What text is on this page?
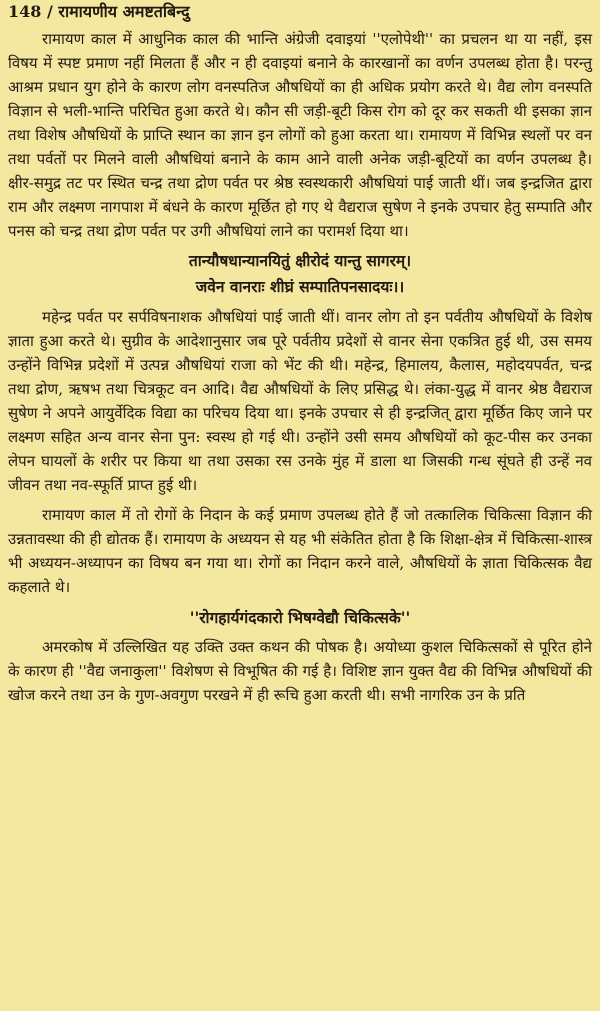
148 / रामायणीय अमष्टतबिन्दु

रामायण काल में आधुनिक काल की भान्ति अंग्रेजी दवाइयां ''एलोपेथी'' का प्रचलन था या नहीं, इस विषय में स्पष्ट प्रमाण नहीं मिलता हैं और न ही दवाइयां बनाने के कारखानों का वर्णन उपलब्ध होता है। परन्तु आश्रम प्रधान युग होने के कारण लोग वनस्पतिज औषधियों का ही अधिक प्रयोग करते थे। वैद्य लोग वनस्पति विज्ञान से भली-भान्ति परिचित हुआ करते थे। कौन सी जड़ी-बूटी किस रोग को दूर कर सकती थी इसका ज्ञान तथा विशेष औषधियों के प्राप्ति स्थान का ज्ञान इन लोगों को हुआ करता था। रामायण में विभिन्न स्थलों पर वन तथा पर्वतों पर मिलने वाली औषधियां बनाने के काम आने वाली अनेक जड़ी-बूटियों का वर्णन उपलब्ध है। क्षीर-समुद्र तट पर स्थित चन्द्र तथा द्रोण पर्वत पर श्रेष्ठ स्वस्थकारी औषधियां पाई जाती थीं। जब इन्द्रजित द्वारा राम और लक्ष्मण नागपाश में बंधने के कारण मूर्छित हो गए थे वैद्यराज सुषेण ने इनके उपचार हेतु सम्पाति और पनस को चन्द्र तथा द्रोण पर्वत पर उगी औषधियां लाने का परामर्श दिया था।

तान्यौषधान्यानयितुं क्षीरोदं यान्तु सागरम्।
जवेन वानराः शीघ्रं सम्पातिपनसादयः।।

महेन्द्र पर्वत पर सर्पविषनाशक औषधियां पाई जाती थीं। वानर लोग तो इन पर्वतीय औषधियों के विशेष ज्ञाता हुआ करते थे। सुग्रीव के आदेशानुसार जब पूरे पर्वतीय प्रदेशों से वानर सेना एकत्रित हुई थी, उस समय उन्होंने विभिन्न प्रदेशों में उत्पन्न औषधियां राजा को भेंट की थी। महेन्द्र, हिमालय, कैलास, महोदयपर्वत, चन्द्र तथा द्रोण, ऋषभ तथा चित्रकूट वन आदि। वैद्य औषधियों के लिए प्रसिद्ध थे। लंका-युद्ध में वानर श्रेष्ठ वैद्यराज सुषेण ने अपने आयुर्वेदिक विद्या का परिचय दिया था। इनके उपचार से ही इन्द्रजित् द्वारा मूर्छित किए जाने पर लक्ष्मण सहित अन्य वानर सेना पुन: स्वस्थ हो गई थी। उन्होंने उसी समय औषधियों को कूट-पीस कर उनका लेपन घायलों के शरीर पर किया था तथा उसका रस उनके मुंह में डाला था जिसकी गन्ध सूंघते ही उन्हें नव जीवन तथा नव-स्फूर्ति प्राप्त हुई थी।

रामायण काल में तो रोगों के निदान के कई प्रमाण उपलब्ध होते हैं जो तत्कालिक चिकित्सा विज्ञान की उन्नतावस्था की ही द्योतक हैं। रामायण के अध्ययन से यह भी संकेतित होता है कि शिक्षा-क्षेत्र में चिकित्सा-शास्त्र भी अध्ययन-अध्यापन का विषय बन गया था। रोगों का निदान करने वाले, औषधियों के ज्ञाता चिकित्सक वैद्य कहलाते थे।

''रोगहार्यगंदकारो भिषग्वेद्यौ चिकित्सके''

अमरकोष में उल्लिखित यह उक्ति उक्त कथन की पोषक है। अयोध्या कुशल चिकित्सकों से पूरित होने के कारण ही ''वैद्य जनाकुला'' विशेषण से विभूषित की गई है। विशिष्ट ज्ञान युक्त वैद्य की विभिन्न औषधियों की खोज करने तथा उन के गुण-अवगुण परखने में ही रूचि हुआ करती थी। सभी नागरिक उन के प्रति
